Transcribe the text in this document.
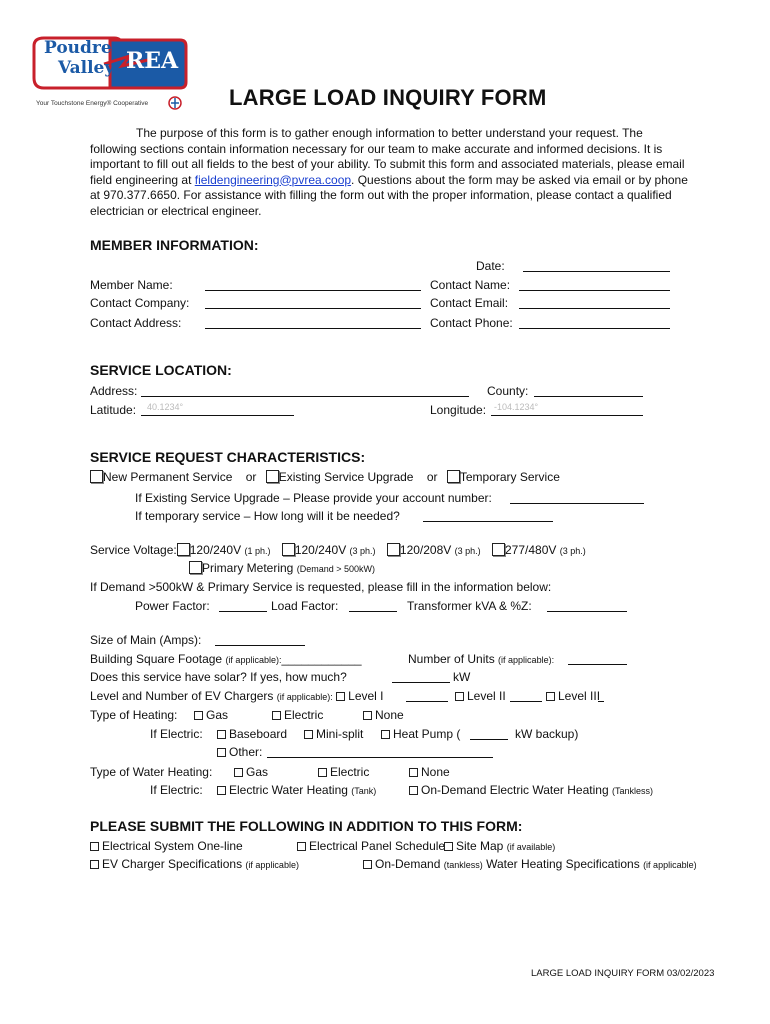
Poudre
Valley REA
Your Touchstone Energy® Cooperative	LARGE LOAD INQUIRY FORM

The purpose of this form is to gather enough information to better understand your request. The following sections contain information necessary for our team to make accurate and informed decisions. It is important to fill out all fields to the best of your ability. To submit this form and associated materials, please email field engineering at fieldengineering@pvrea.coop. Questions about the form may be asked via email or by phone at 970.377.6650. For assistance with filling the form out with the proper information, please contact a qualified electrician or electrical engineer.

MEMBER INFORMATION:
Date:
Member Name:	Contact Name:
Contact Company:	Contact Email:
Contact Address:	Contact Phone:
SERVICE LOCATION:
Address:	County:
Latitude: 40.1234°	Longitude: -104.1234°
SERVICE REQUEST CHARACTERISTICS:
New Permanent Service or Existing Service Upgrade or Temporary Service
If Existing Service Upgrade – Please provide your account number:
If temporary service – How long will it be needed?
Service Voltage: 120/240V (1 ph.) 120/240V (3 ph.) 120/208V (3 ph.) 277/480V (3 ph.)
Primary Metering (Demand > 500kW)
If Demand >500kW & Primary Service is requested, please fill in the information below:
Power Factor:	Load Factor:	Transformer kVA & %Z:
Size of Main (Amps):
Building Square Footage (if applicable):____________	Number of Units (if applicable):
Does this service have solar? If yes, how much?	kW
Level and Number of EV Chargers (if applicable): Level I	Level II	Level III
Type of Heating:	Gas	Electric	None
If Electric:	Baseboard	Mini-split	Heat Pump (	kW backup)
Other:
Type of Water Heating:	Gas	Electric	None
If Electric:	Electric Water Heating (Tank)	On-Demand Electric Water Heating (Tankless)
PLEASE SUBMIT THE FOLLOWING IN ADDITION TO THIS FORM:
Electrical System One-line	Electrical Panel Schedule Site Map (if available)
EV Charger Specifications (if applicable)	On-Demand (tankless) Water Heating Specifications (if applicable)
LARGE LOAD INQUIRY FORM 03/02/2023
